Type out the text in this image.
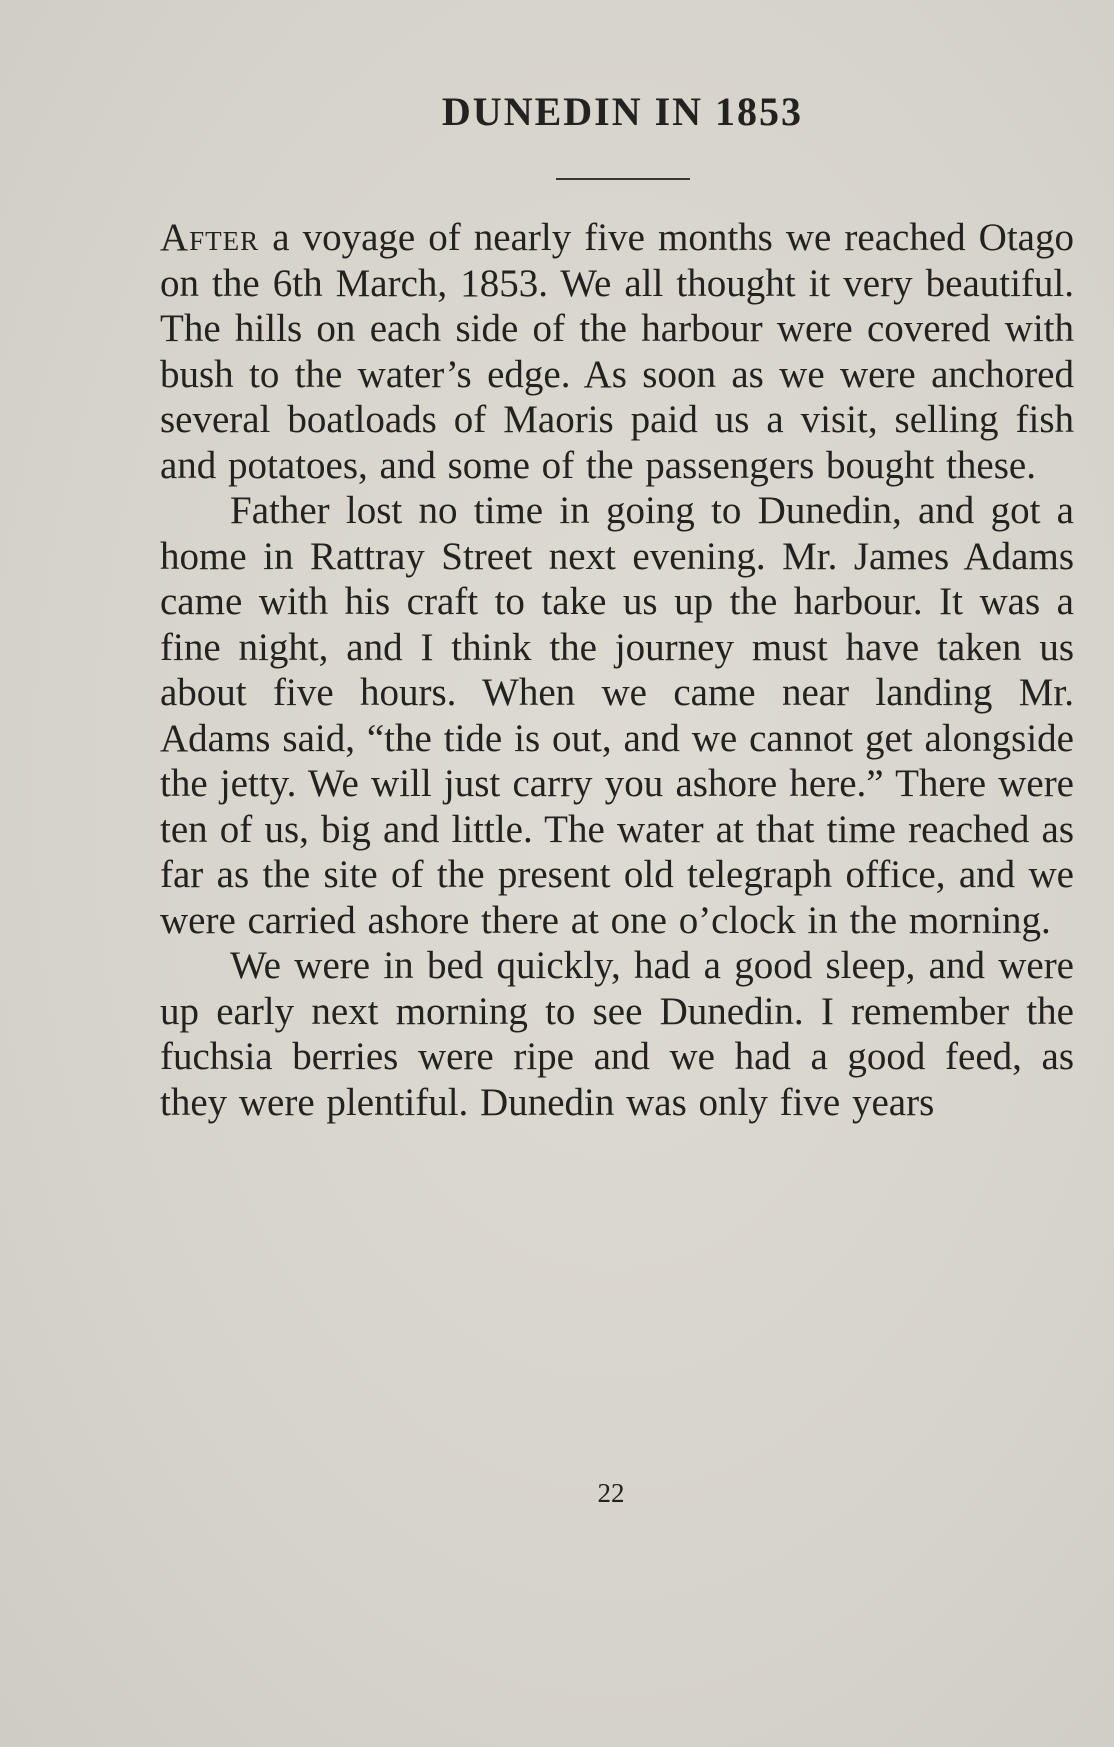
DUNEDIN IN 1853

After a voyage of nearly five months we reached Otago on the 6th March, 1853. We all thought it very beautiful. The hills on each side of the harbour were covered with bush to the water’s edge. As soon as we were anchored several boatloads of Maoris paid us a visit, selling fish and potatoes, and some of the passengers bought these.

Father lost no time in going to Dunedin, and got a home in Rattray Street next evening. Mr. James Adams came with his craft to take us up the harbour. It was a fine night, and I think the journey must have taken us about five hours. When we came near landing Mr. Adams said, “the tide is out, and we cannot get alongside the jetty. We will just carry you ashore here.” There were ten of us, big and little. The water at that time reached as far as the site of the present old telegraph office, and we were carried ashore there at one o’clock in the morning.

We were in bed quickly, had a good sleep, and were up early next morning to see Dunedin. I remember the fuchsia berries were ripe and we had a good feed, as they were plentiful. Dunedin was only five years

22
